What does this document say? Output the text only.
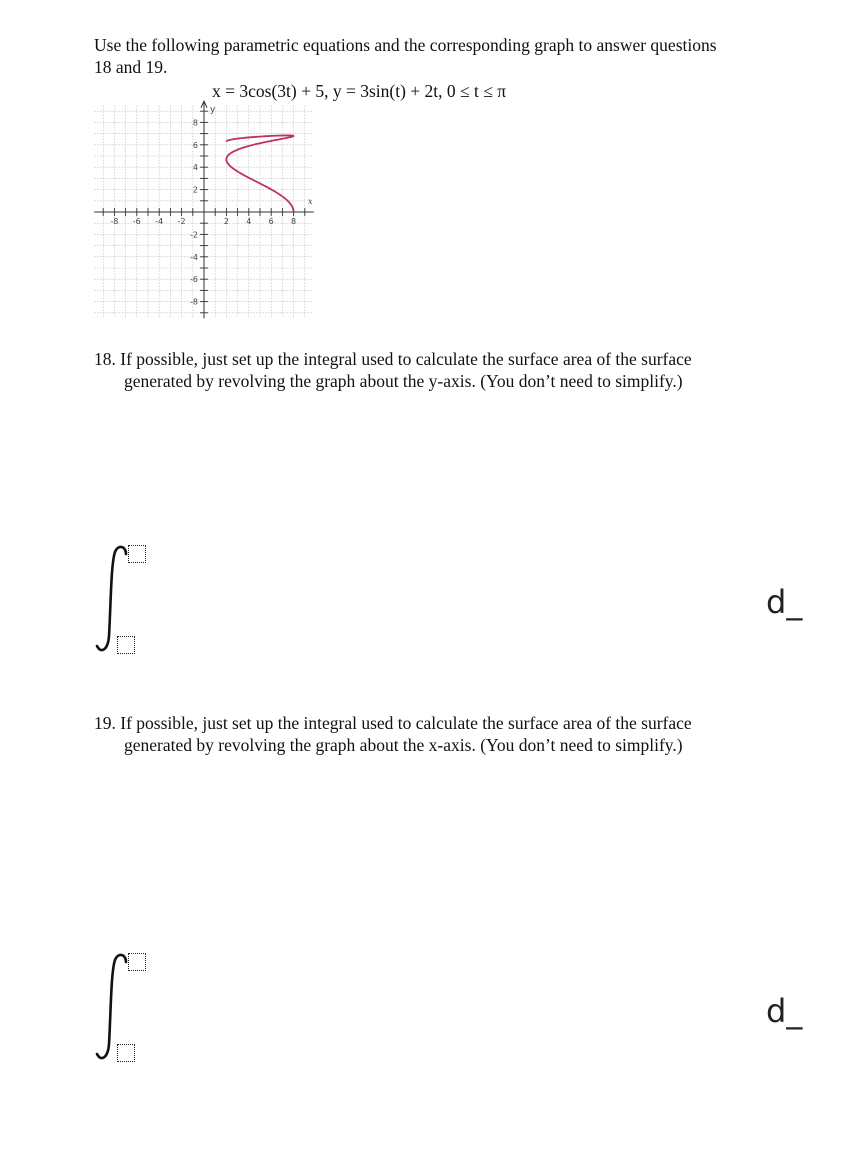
Use the following parametric equations and the corresponding graph to answer questions
18 and 19.
x = 3cos(3t) + 5, y = 3sin(t) + 2t, 0 ≤ t ≤ π
-8 -6 -4 -2	2 4 6 8
8
6
4
2
-2
-4
-6
-8
x
y
18. If possible, just set up the integral used to calculate the surface area of the surface
generated by revolving the graph about the y-axis. (You don’t need to simplify.)
d_
19. If possible, just set up the integral used to calculate the surface area of the surface
generated by revolving the graph about the x-axis. (You don’t need to simplify.)
d_
